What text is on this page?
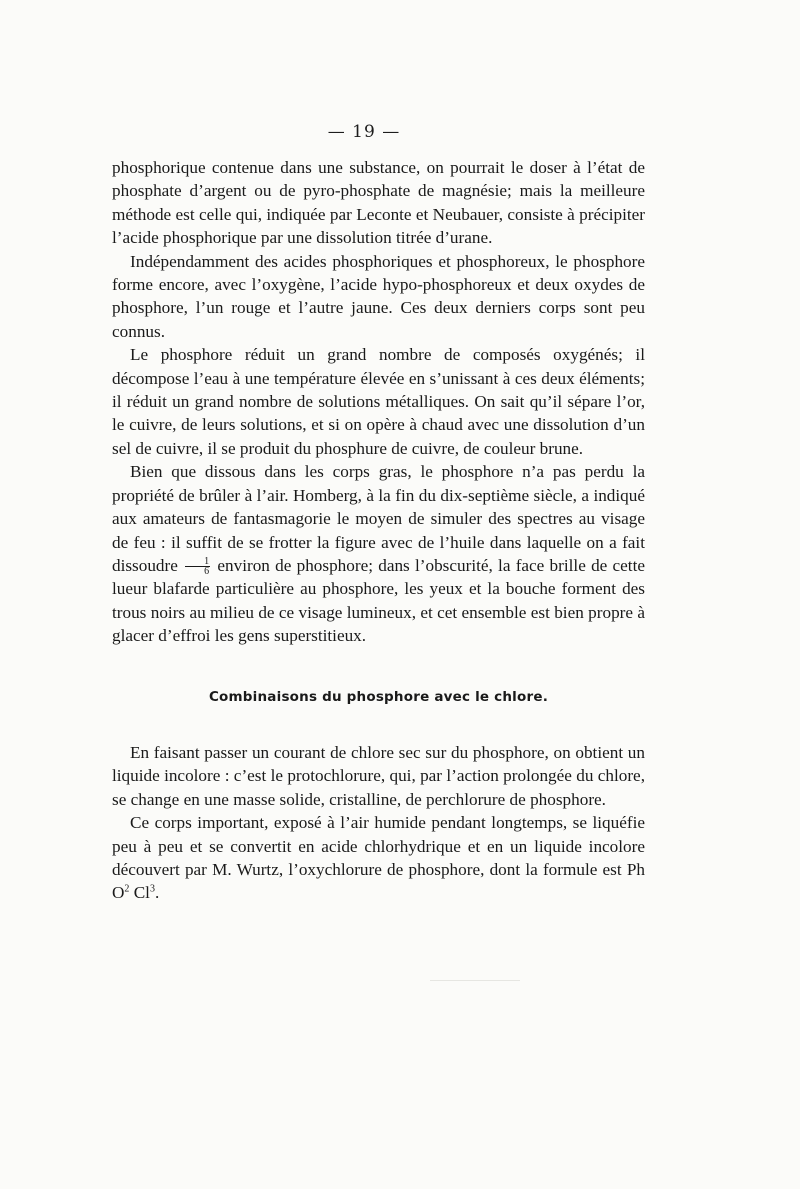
— 19 —

phosphorique contenue dans une substance, on pourrait le doser à l’état de phosphate d’argent ou de pyro-phosphate de magnésie; mais la meilleure méthode est celle qui, indiquée par Leconte et Neubauer, consiste à précipiter l’acide phosphorique par une dissolution titrée d’urane.

Indépendamment des acides phosphoriques et phosphoreux, le phosphore forme encore, avec l’oxygène, l’acide hypo-phosphoreux et deux oxydes de phosphore, l’un rouge et l’autre jaune. Ces deux derniers corps sont peu connus.

Le phosphore réduit un grand nombre de composés oxygénés; il décompose l’eau à une température élevée en s’unissant à ces deux éléments; il réduit un grand nombre de solutions métalliques. On sait qu’il sépare l’or, le cuivre, de leurs solutions, et si on opère à chaud avec une dissolution d’un sel de cuivre, il se produit du phosphure de cuivre, de couleur brune.

Bien que dissous dans les corps gras, le phosphore n’a pas perdu la propriété de brûler à l’air. Homberg, à la fin du dix-septième siècle, a indiqué aux amateurs de fantasmagorie le moyen de simuler des spectres au visage de feu : il suffit de se frotter la figure avec de l’huile dans laquelle on a fait dissoudre $\frac{1}{6}$ environ de phosphore; dans l’obscurité, la face brille de cette lueur blafarde particulière au phosphore, les yeux et la bouche forment des trous noirs au milieu de ce visage lumineux, et cet ensemble est bien propre à glacer d’effroi les gens superstitieux.

Combinaisons du phosphore avec le chlore.

En faisant passer un courant de chlore sec sur du phosphore, on obtient un liquide incolore : c’est le protochlorure, qui, par l’action prolongée du chlore, se change en une masse solide, cristalline, de perchlorure de phosphore.

Ce corps important, exposé à l’air humide pendant longtemps, se liquéfie peu à peu et se convertit en acide chlorhydrique et en un liquide incolore découvert par M. Wurtz, l’oxychlorure de phosphore, dont la formule est Ph $O^2$ Cl$^3$.
